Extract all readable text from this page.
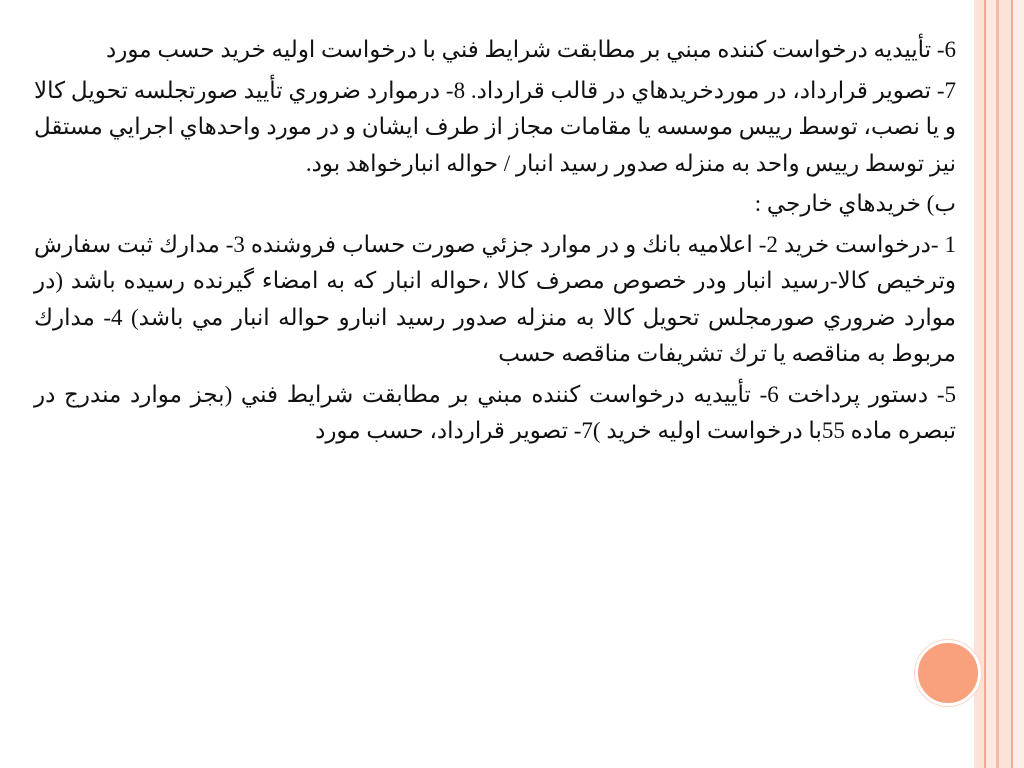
6- تأييديه درخواست كننده مبني بر مطابقت شرايط فني با درخواست اوليه خريد حسب مورد

7- تصوير قرارداد، در موردخريدهاي در قالب قرارداد. 8- درموارد ضروري تأييد صورتجلسه تحويل كالا و يا نصب، توسط رييس موسسه يا مقامات مجاز از طرف ايشان و در مورد واحدهاي اجرايي مستقل نيز توسط رييس واحد به منزله صدور رسيد انبار / حواله انبارخواهد بود.

ب) خريدهاي خارجي :

1 -درخواست خريد 2- اعلاميه بانك و در موارد جزئي صورت حساب فروشنده 3- مدارك ثبت سفارش وترخيص كالا-رسيد انبار ودر خصوص مصرف كالا ،حواله انبار كه به امضاء گيرنده رسيده باشد (در موارد ضروري صورمجلس تحويل كالا به منزله صدور رسيد انبارو حواله انبار مي باشد) 4- مدارك مربوط به مناقصه يا ترك تشريفات مناقصه حسب

5- دستور پرداخت 6- تأييديه درخواست كننده مبني بر مطابقت شرايط فني (بجز موارد مندرج در تبصره ماده 55با درخواست اوليه خريد )7- تصوير قرارداد، حسب مورد
